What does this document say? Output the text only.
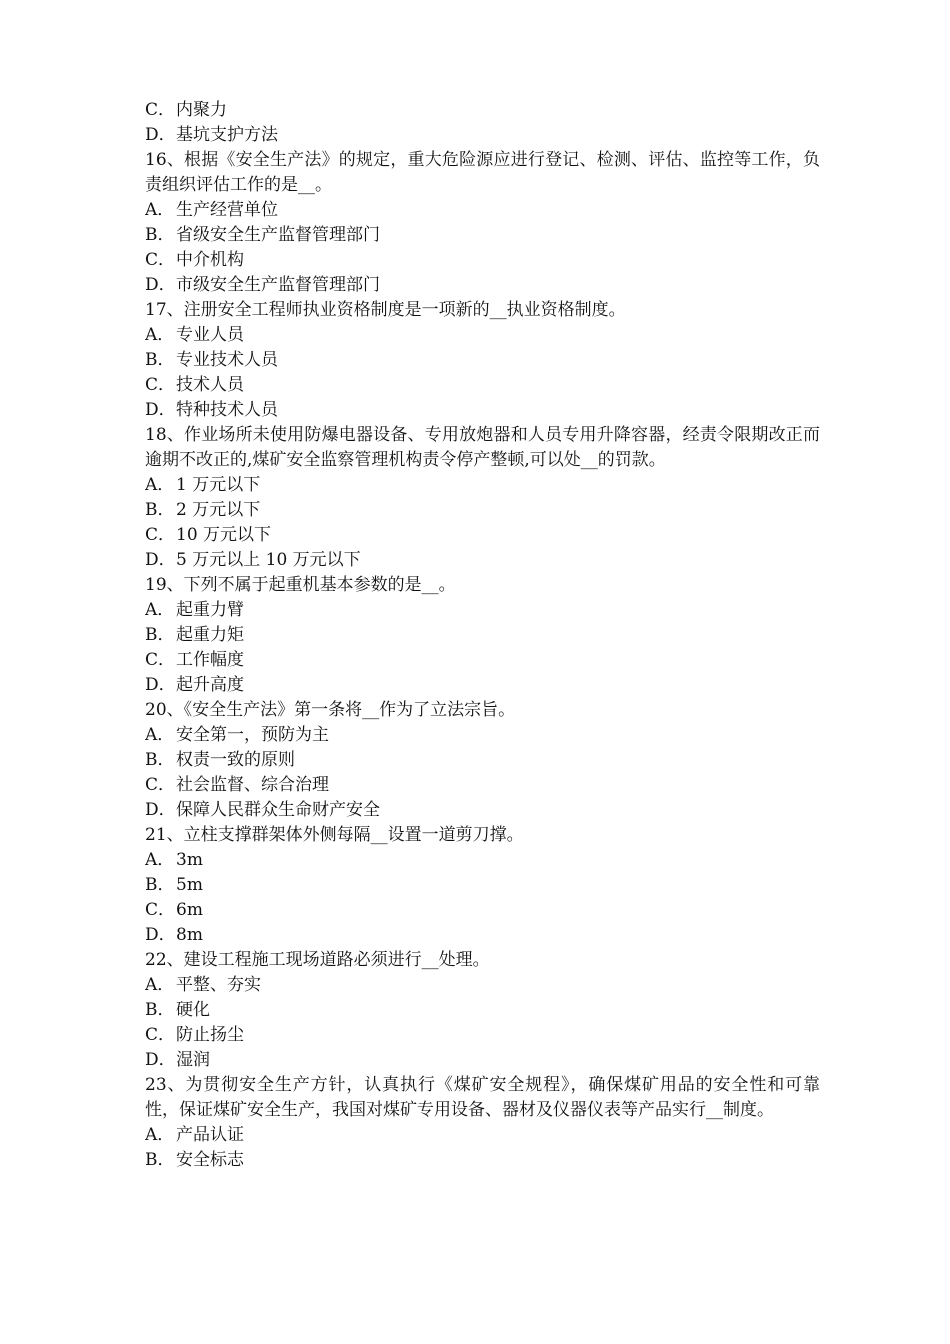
C．内聚力
D．基坑支护方法
16、根据《安全生产法》的规定，重大危险源应进行登记、检测、评估、监控等工作，负责组织评估工作的是__。
A． 生产经营单位
B．省级安全生产监督管理部门
C．中介机构
D．市级安全生产监督管理部门
17、注册安全工程师执业资格制度是一项新的__执业资格制度。
A． 专业人员
B．专业技术人员
C．技术人员
D．特种技术人员
18、作业场所未使用防爆电器设备、专用放炮器和人员专用升降容器，经责令限期改正而逾期不改正的,煤矿安全监察管理机构责令停产整顿,可以处__的罚款。
A． 1 万元以下
B．2 万元以下
C．10 万元以下
D．5 万元以上 10 万元以下
19、下列不属于起重机基本参数的是__。
A． 起重力臂
B．起重力矩
C．工作幅度
D．起升高度
20、《安全生产法》第一条将__作为了立法宗旨。
A． 安全第一，预防为主
B．权责一致的原则
C．社会监督、综合治理
D．保障人民群众生命财产安全
21、立柱支撑群架体外侧每隔__设置一道剪刀撑。
A． 3m
B．5m
C．6m
D．8m
22、建设工程施工现场道路必须进行__处理。
A． 平整、夯实
B．硬化
C．防止扬尘
D．湿润
23、为贯彻安全生产方针，认真执行《煤矿安全规程》，确保煤矿用品的安全性和可靠性，保证煤矿安全生产，我国对煤矿专用设备、器材及仪器仪表等产品实行__制度。
A． 产品认证
B．安全标志
